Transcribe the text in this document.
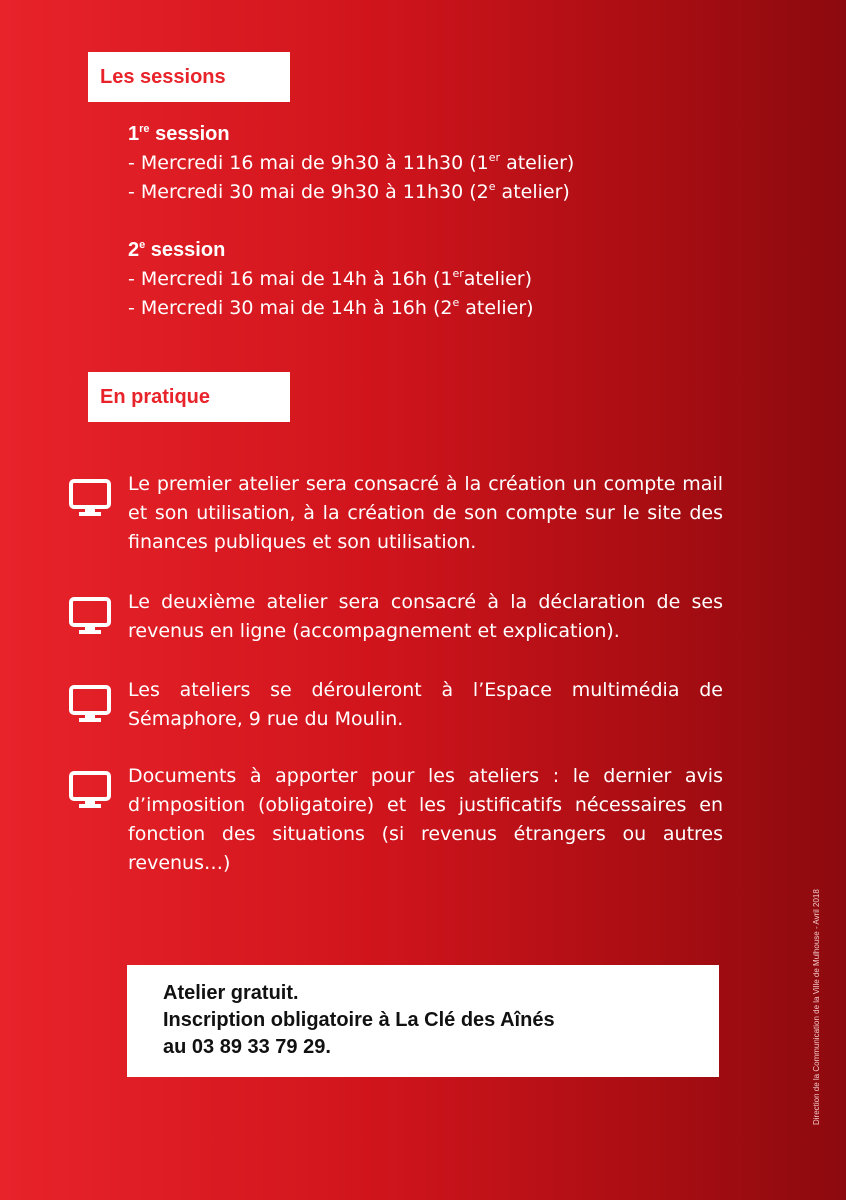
Les sessions
1re session
- Mercredi 16 mai de 9h30 à 11h30 (1er atelier)
- Mercredi 30 mai de 9h30 à 11h30 (2e atelier)
2e session
- Mercredi 16 mai de 14h à 16h (1eratelier)
- Mercredi 30 mai de 14h à 16h (2e atelier)
En pratique
Le premier atelier sera consacré à la création un compte mail et son utilisation, à la création de son compte sur le site des finances publiques et son utilisation.
Le deuxième atelier sera consacré à la déclaration de ses revenus en ligne (accompagnement et explication).
Les ateliers se dérouleront à l’Espace multimédia de Sémaphore, 9 rue du Moulin.
Documents à apporter pour les ateliers : le dernier avis d’imposition (obligatoire) et les justificatifs nécessaires en fonction des situations (si revenus étrangers ou autres revenus…)
Atelier gratuit.
Inscription obligatoire à La Clé des Aînés
au 03 89 33 79 29.	Direction de la Communication de la Ville de Mulhouse - Avril 2018
